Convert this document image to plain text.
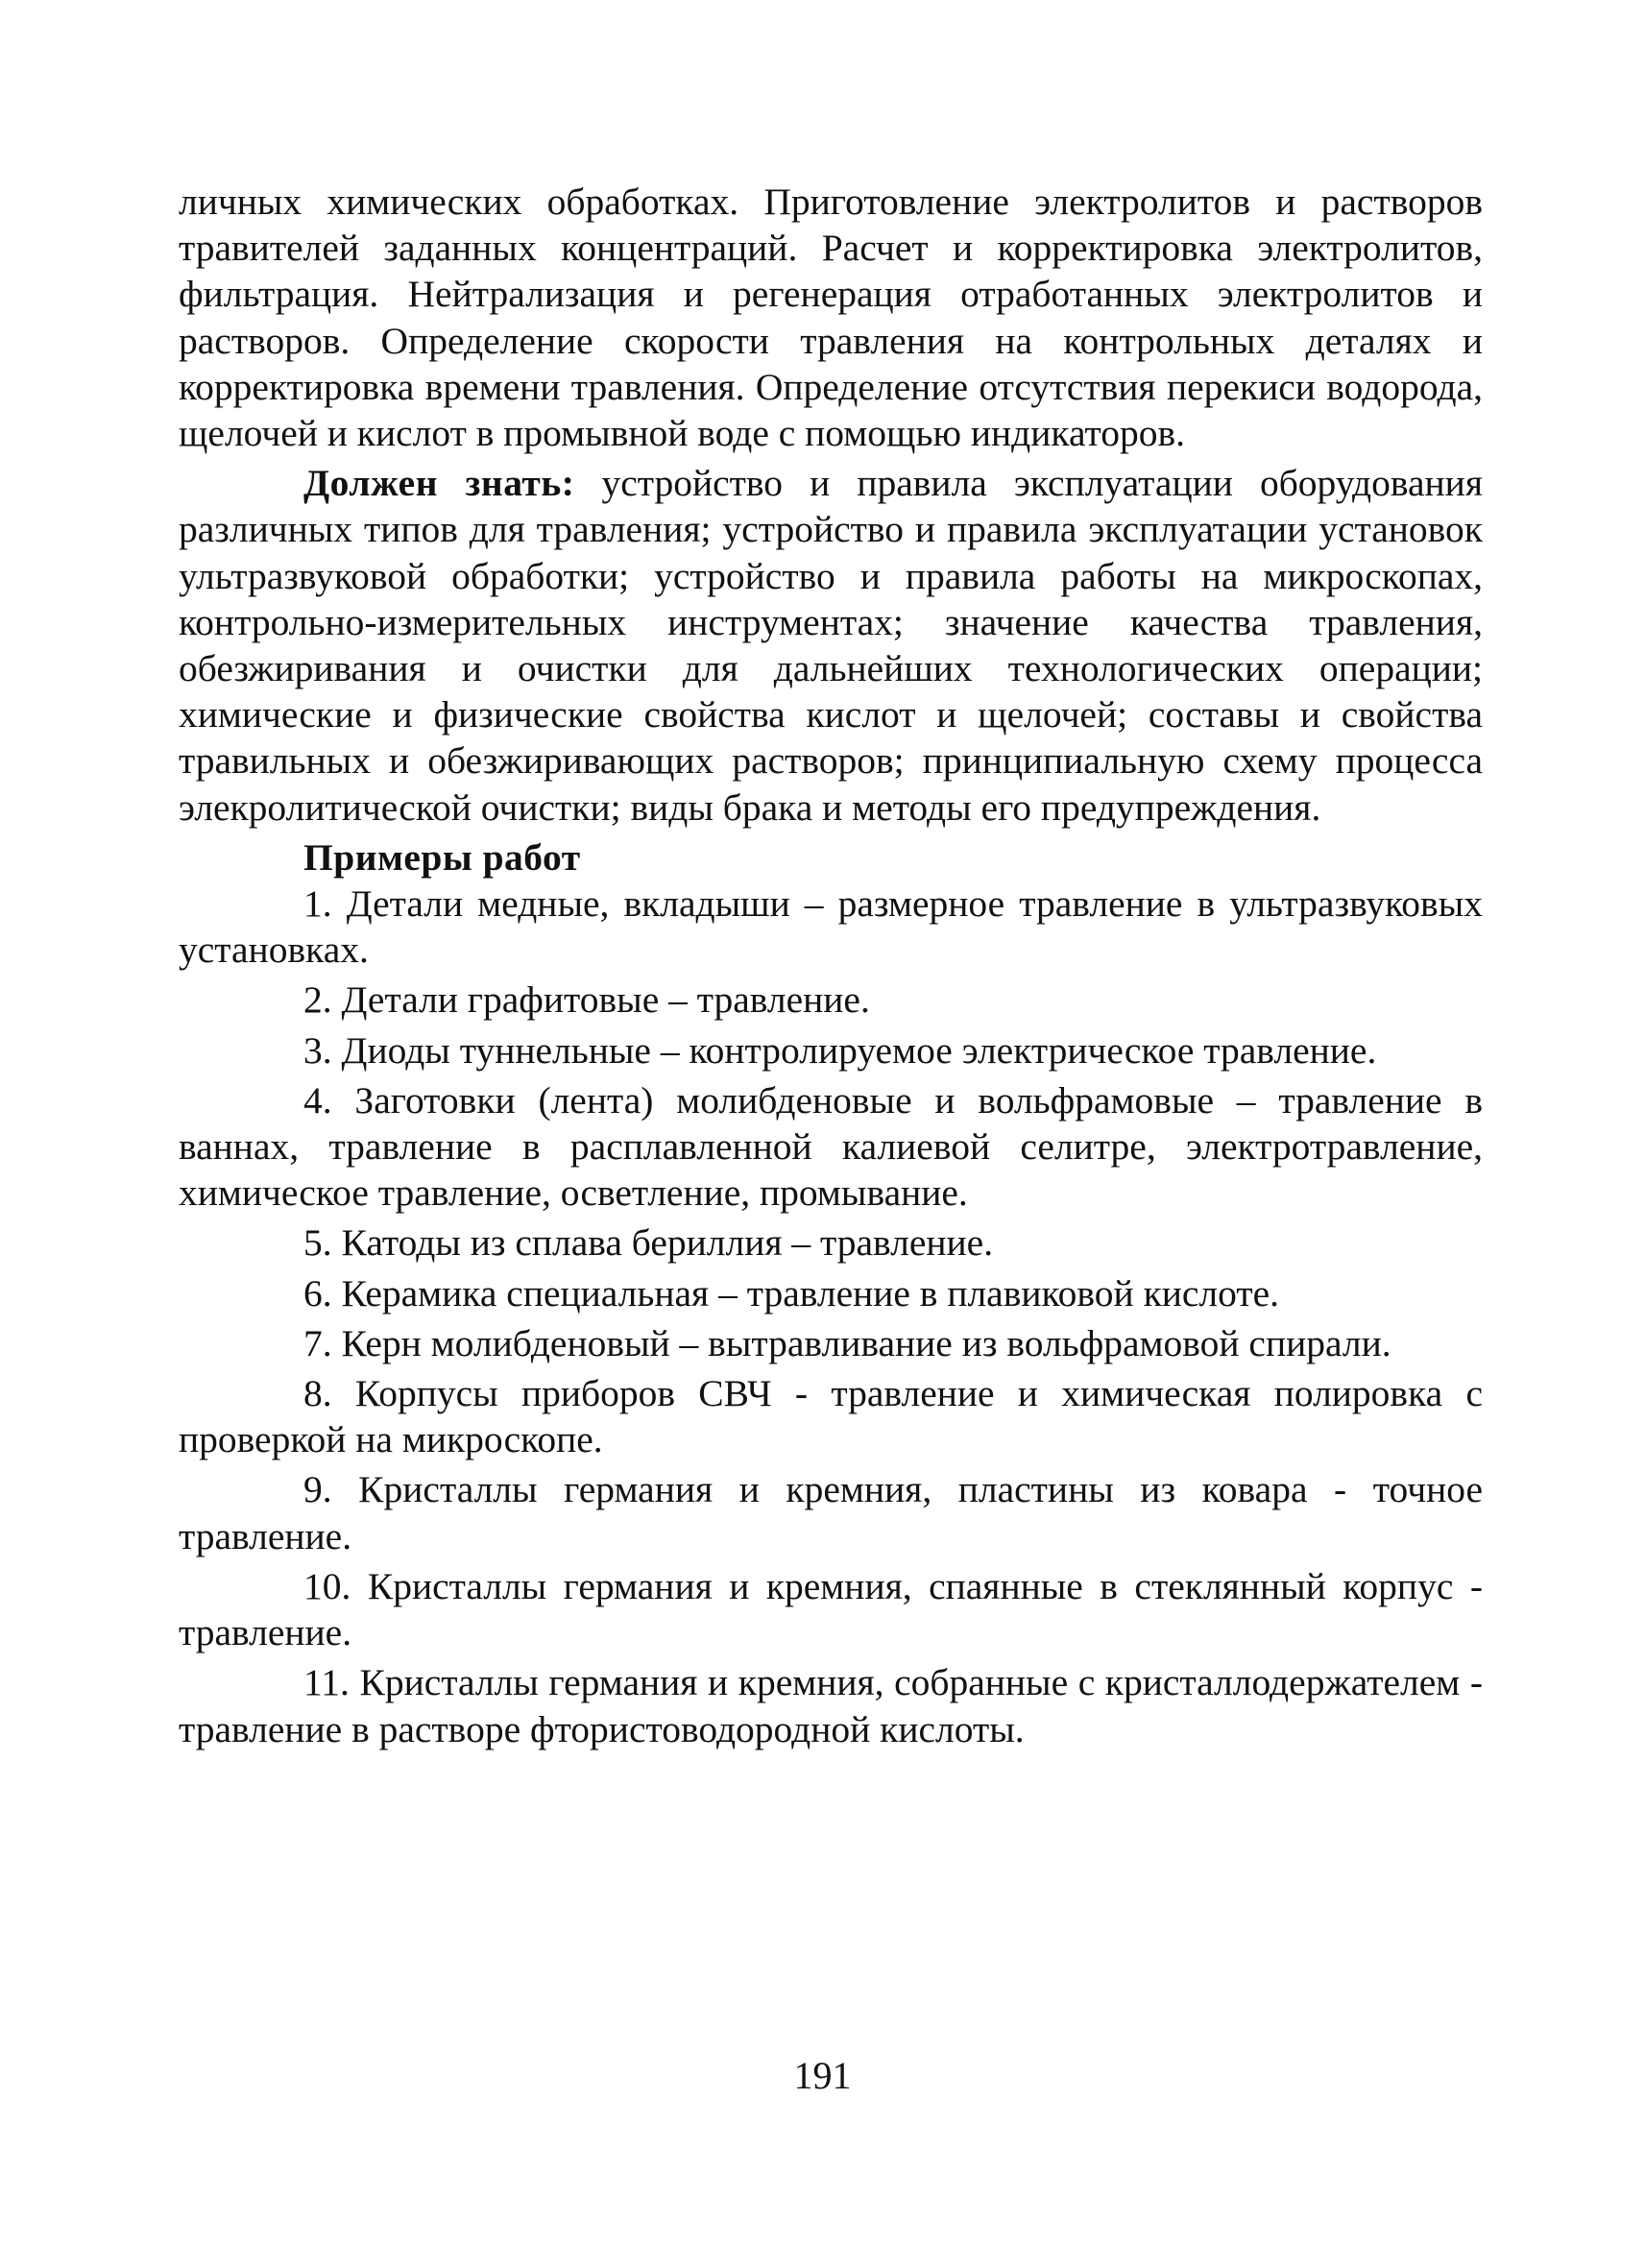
личных химических обработках. Приготовление электролитов и растворов травителей заданных концентраций. Расчет и корректировка электролитов, фильтрация. Нейтрализация и регенерация отработанных электролитов и растворов. Определение скорости травления на контрольных деталях и корректировка времени травления. Определение отсутствия перекиси водорода, щелочей и кислот в промывной воде с помощью индикаторов.

Должен знать: устройство и правила эксплуатации оборудования различных типов для травления; устройство и правила эксплуатации установок ультразвуковой обработки; устройство и правила работы на микроскопах, контрольно-измерительных инструментах; значение качества травления, обезжиривания и очистки для дальнейших технологических операции; химические и физические свойства кислот и щелочей; составы и свойства травильных и обезжиривающих растворов; принципиальную схему процесса элекролитической очистки; виды брака и методы его предупреждения.

Примеры работ

1. Детали медные, вкладыши – размерное травление в ультразвуковых установках.

2. Детали графитовые – травление.

3. Диоды туннельные – контролируемое электрическое травление.

4. Заготовки (лента) молибденовые и вольфрамовые – травление в ваннах, травление в расплавленной калиевой селитре, электротравление, химическое травление, осветление, промывание.

5. Катоды из сплава бериллия – травление.

6. Керамика специальная – травление в плавиковой кислоте.

7. Керн молибденовый – вытравливание из вольфрамовой спирали.

8. Корпусы приборов СВЧ - травление и химическая полировка с проверкой на микроскопе.

9. Кристаллы германия и кремния, пластины из ковара - точное травление.

10. Кристаллы германия и кремния, спаянные в стеклянный корпус - травление.

11. Кристаллы германия и кремния, собранные с кристаллодержателем - травление в растворе фтористоводородной кислоты.

191
